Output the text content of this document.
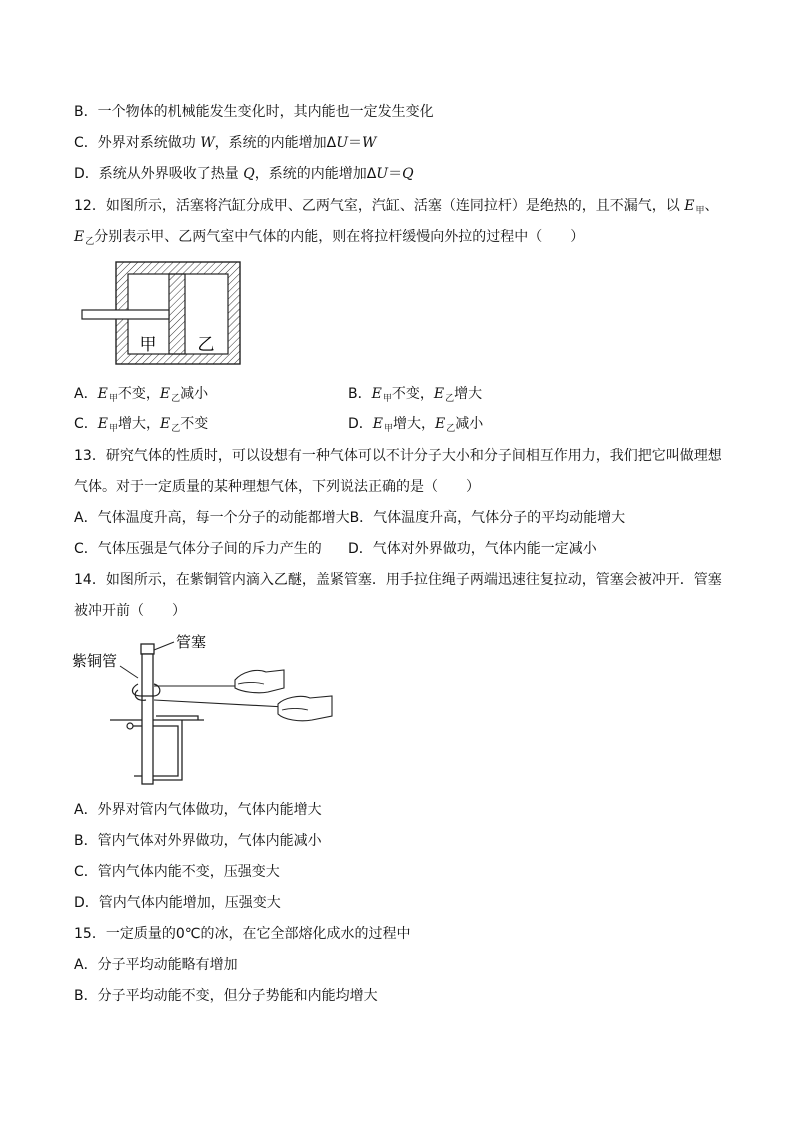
B．一个物体的机械能发生变化时，其内能也一定发生变化
C．外界对系统做功 W，系统的内能增加ΔU＝W
D．系统从外界吸收了热量 Q，系统的内能增加ΔU＝Q
12．如图所示，活塞将汽缸分成甲、乙两气室，汽缸、活塞（连同拉杆）是绝热的，且不漏气，以 $E_甲$、
$E_乙$分别表示甲、乙两气室中气体的内能，则在将拉杆缓慢向外拉的过程中（　　）
甲 乙
A．$E_甲$不变，$E_乙$减小	B．$E_甲$不变，$E_乙$增大
C．$E_甲$增大，$E_乙$不变	D．$E_甲$增大，$E_乙$减小
13．研究气体的性质时，可以设想有一种气体可以不计分子大小和分子间相互作用力，我们把它叫做理想
气体。对于一定质量的某种理想气体，下列说法正确的是（　　）
A．气体温度升高，每一个分子的动能都增大B．气体温度升高，气体分子的平均动能增大
C．气体压强是气体分子间的斥力产生的 D．气体对外界做功，气体内能一定减小
14．如图所示，在紫铜管内滴入乙醚，盖紧管塞．用手拉住绳子两端迅速往复拉动，管塞会被冲开．管塞
被冲开前（　　）
紫铜管
管塞
A．外界对管内气体做功，气体内能增大
B．管内气体对外界做功，气体内能减小
C．管内气体内能不变，压强变大
D．管内气体内能增加，压强变大
15．一定质量的0℃的冰，在它全部熔化成水的过程中
A．分子平均动能略有增加
B．分子平均动能不变，但分子势能和内能均增大
